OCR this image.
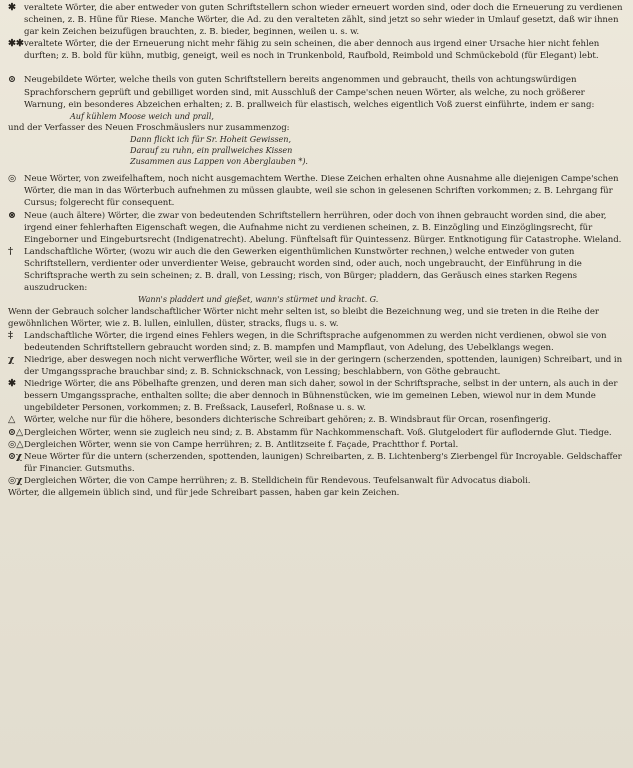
✱ veraltete Wörter, die aber entweder von guten Schriftstellern schon wieder erneuert worden sind, oder doch die Erneuerung zu verdienen scheinen, z. B. Hüne für Riese. Manche Wörter, die Ad. zu den veralteten zählt, sind jetzt so sehr wieder in Umlauf gesetzt, daß wir ihnen gar kein Zeichen beizufügen brauchten, z. B. bieder, beginnen, weilen u. s. w.
✱✱ veraltete Wörter, die der Erneuerung nicht mehr fähig zu sein scheinen, die aber dennoch aus irgend einer Ursache hier nicht fehlen durften; z. B. bold für kühn, mutbig, geneigt, weil es noch in Trunkenbold, Raufbold, Reimbold und Schmückebold (für Elegant) lebt.
⊙ Neugebildete Wörter, welche theils von guten Schriftstellern bereits angenommen und gebraucht, theils von achtungswürdigen Sprachforschern geprüft und gebilliget worden sind, mit Ausschluß der Campe'schen neuen Wörter, als welche, zu noch größerer Warnung, ein besonderes Abzeichen erhalten; z. B. prallweich für elastisch, welches eigentlich Voß zuerst einführte, indem er sang:
Auf kühlem Moose weich und prall,
und der Verfasser des Neuen Froschmäuslers nur zusammenzog:
Dann flickt ich für Sr. Hoheit Gewissen,
Darauf zu ruhn, ein prallweiches Kissen
Zusammen aus Lappen von Aberglauben *).
◎ Neue Wörter, von zweifelhaftem, noch nicht ausgemachtem Werthe. Diese Zeichen erhalten ohne Ausnahme alle diejenigen Campe'schen Wörter, die man in das Wörterbuch aufnehmen zu müssen glaubte, weil sie schon in gelesenen Schriften vorkommen; z. B. Lehrgang für Cursus; folgerecht für consequent.
⊗ Neue (auch ältere) Wörter, die zwar von bedeutenden Schriftstellern herrühren, oder doch von ihnen gebraucht worden sind, die aber, irgend einer fehlerhaften Eigenschaft wegen, die Aufnahme nicht zu verdienen scheinen, z. B. Einzögling und Einzöglingsrecht, für Eingeborner und Eingeburtsrecht (Indigenatrecht). Abelung. Fünftelsaft für Quintessenz. Bürger. Entknotigung für Catastrophe. Wieland.
†	Landschaftliche Wörter, (wozu wir auch die den Gewerken eigenthümlichen Kunstwörter rechnen,) welche entweder von guten Schriftstellern, verdienter oder unverdienter Weise, gebraucht worden sind, oder auch, noch ungebraucht, der Einführung in die Schriftsprache werth zu sein scheinen; z. B. drall, von Lessing; risch, von Bürger; pladdern, das Geräusch eines starken Regens auszudrucken:
Wann's pladdert und gießet, wann's stürmet und kracht. G.
Wenn der Gebrauch solcher landschaftlicher Wörter nicht mehr selten ist, so bleibt die Bezeichnung weg, und sie treten in die Reihe der gewöhnlichen Wörter, wie z. B. lullen, einlullen, düster, stracks, flugs u. s. w.
‡	Landschaftliche Wörter, die irgend eines Fehlers wegen, in die Schriftsprache aufgenommen zu werden nicht verdienen, obwol sie von bedeutenden Schriftstellern gebraucht worden sind; z. B. mampfen und Mampflaut, von Adelung, des Uebelklangs wegen.
χ	Niedrige, aber deswegen noch nicht verwerfliche Wörter, weil sie in der geringern (scherzenden, spottenden, launigen) Schreibart, und in der Umgangssprache brauchbar sind; z. B. Schnickschnack, von Lessing; beschlabbern, von Göthe gebraucht.
✱ Niedrige Wörter, die ans Pöbelhafte grenzen, und deren man sich daher, sowol in der Schriftsprache, selbst in der untern, als auch in der bessern Umgangssprache, enthalten sollte; die aber dennoch in Bühnenstücken, wie im gemeinen Leben, wiewol nur in dem Munde ungebildeter Personen, vorkommen; z. B. Freßsack, Lauseferl, Roßnase u. s. w.
△	Wörter, welche nur für die höhere, besonders dichterische Schreibart gehören; z. B. Windsbraut für Orcan, rosenfingerig.
⊙△ Dergleichen Wörter, wenn sie zugleich neu sind; z. B. Abstamm für Nachkommenschaft. Voß. Glutgelodert für auflodernde Glut. Tiedge.
◎△ Dergleichen Wörter, wenn sie von Campe herrühren; z. B. Antlitzseite f. Façade, Prachtthor f. Portal.
⊙χ Neue Wörter für die untern (scherzenden, spottenden, launigen) Schreibarten, z. B. Lichtenberg's Zierbengel für Incroyable. Geldschaffer für Financier. Gutsmuths.
◎χ Dergleichen Wörter, die von Campe herrühren; z. B. Stelldichein für Rendevous. Teufelsanwalt für Advocatus diaboli.
Wörter, die allgemein üblich sind, und für jede Schreibart passen, haben gar kein Zeichen.
